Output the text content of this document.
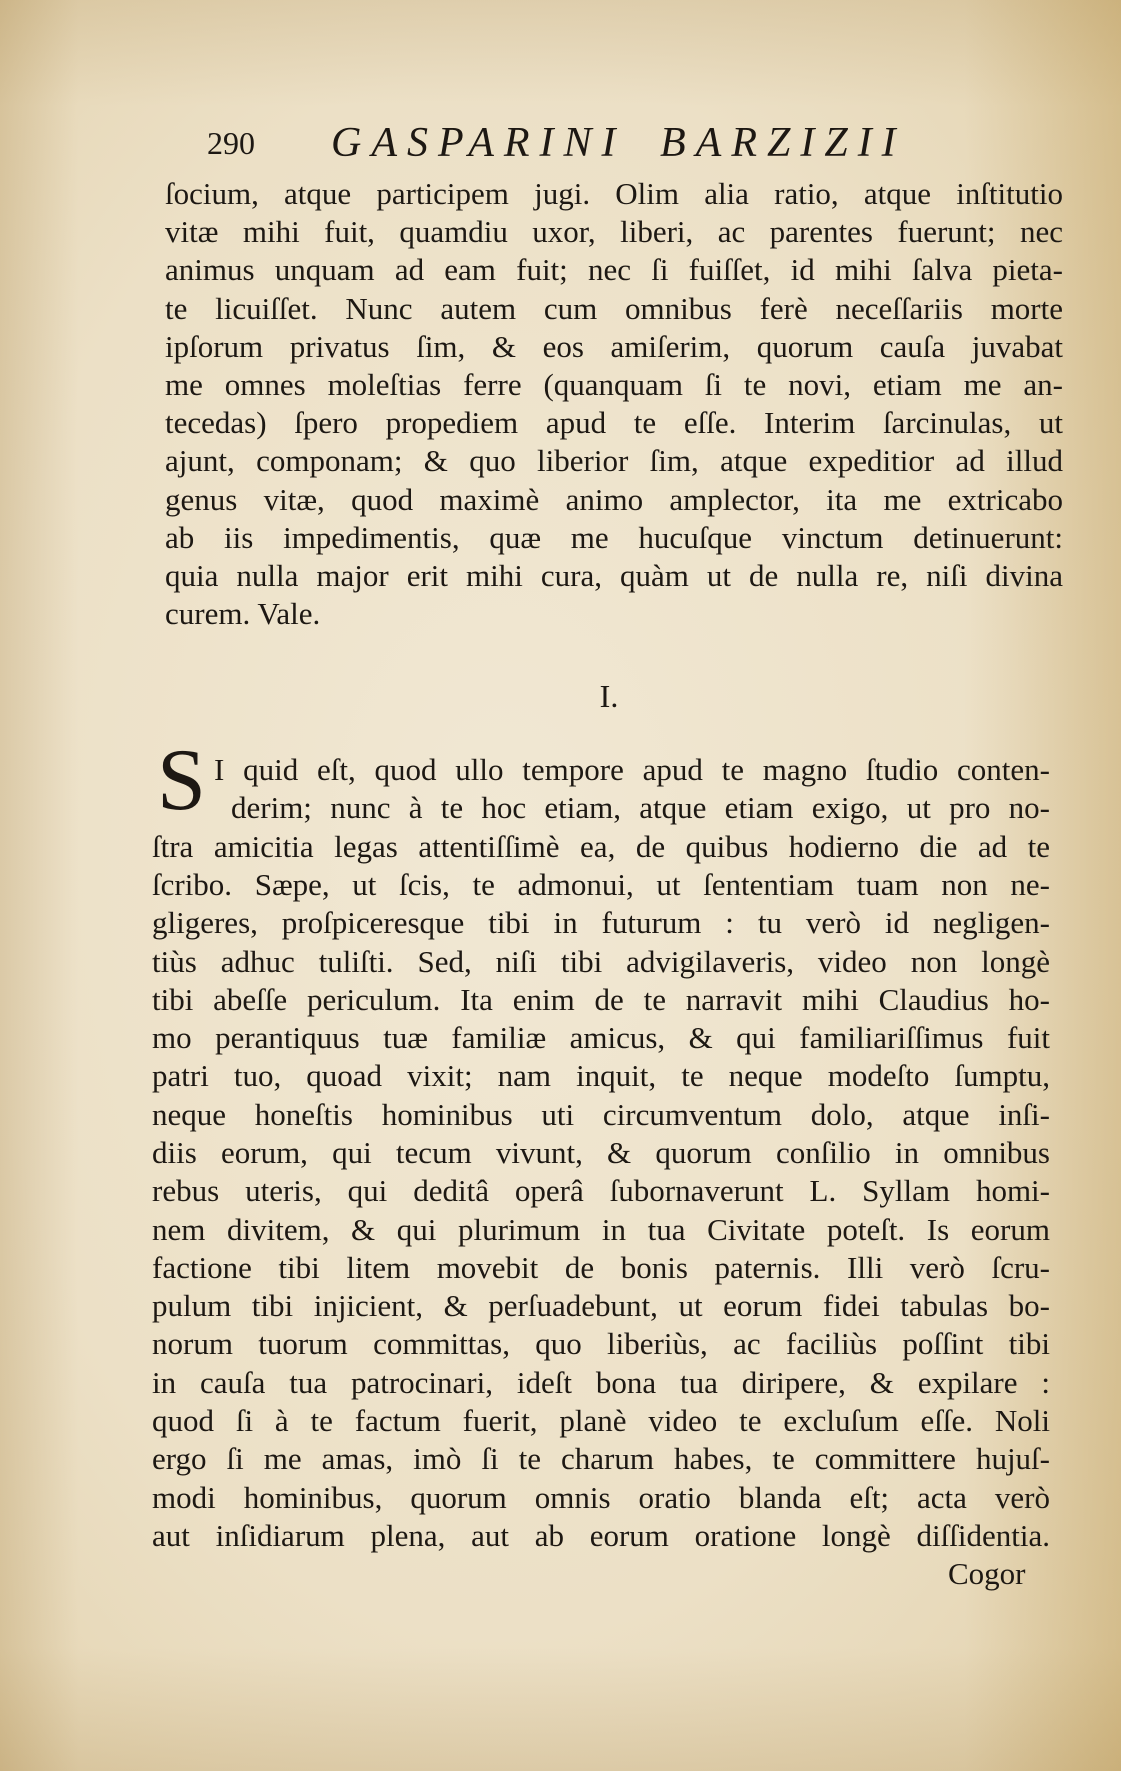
290 GASPARINI BARZIZII
ſocium, atque participem jugi. Olim alia ratio, atque inſtitutio
vitæ mihi fuit, quamdiu uxor, liberi, ac parentes fuerunt; nec
animus unquam ad eam fuit; nec ſi fuiſſet, id mihi ſalva pieta-
te licuiſſet. Nunc autem cum omnibus ferè neceſſariis morte
ipſorum privatus ſim, & eos amiſerim, quorum cauſa juvabat
me omnes moleſtias ferre (quanquam ſi te novi, etiam me an-
tecedas) ſpero propediem apud te eſſe. Interim ſarcinulas, ut
ajunt, componam; & quo liberior ſim, atque expeditior ad illud
genus vitæ, quod maximè animo amplector, ita me extricabo
ab iis impedimentis, quæ me hucuſque vinctum detinuerunt:
quia nulla major erit mihi cura, quàm ut de nulla re, niſi divina
curem. Vale.
I.
S I quid eſt, quod ullo tempore apud te magno ſtudio conten-
derim; nunc à te hoc etiam, atque etiam exigo, ut pro no-
ſtra amicitia legas attentiſſimè ea, de quibus hodierno die ad te
ſcribo. Sæpe, ut ſcis, te admonui, ut ſententiam tuam non ne-
gligeres, proſpiceresque tibi in futurum : tu verò id negligen-
tiùs adhuc tuliſti. Sed, niſi tibi advigilaveris, video non longè
tibi abeſſe periculum. Ita enim de te narravit mihi Claudius ho-
mo perantiquus tuæ familiæ amicus, & qui familiariſſimus fuit
patri tuo, quoad vixit; nam inquit, te neque modeſto ſumptu,
neque honeſtis hominibus uti circumventum dolo, atque inſi-
diis eorum, qui tecum vivunt, & quorum conſilio in omnibus
rebus uteris, qui deditâ operâ ſubornaverunt L. Syllam homi-
nem divitem, & qui plurimum in tua Civitate poteſt. Is eorum
factione tibi litem movebit de bonis paternis. Illi verò ſcru-
pulum tibi injicient, & perſuadebunt, ut eorum fidei tabulas bo-
norum tuorum committas, quo liberiùs, ac faciliùs poſſint tibi
in cauſa tua patrocinari, ideſt bona tua diripere, & expilare :
quod ſi à te factum fuerit, planè video te excluſum eſſe. Noli
ergo ſi me amas, imò ſi te charum habes, te committere hujuſ-
modi hominibus, quorum omnis oratio blanda eſt; acta verò
aut inſidiarum plena, aut ab eorum oratione longè diſſidentia.
Cogor
